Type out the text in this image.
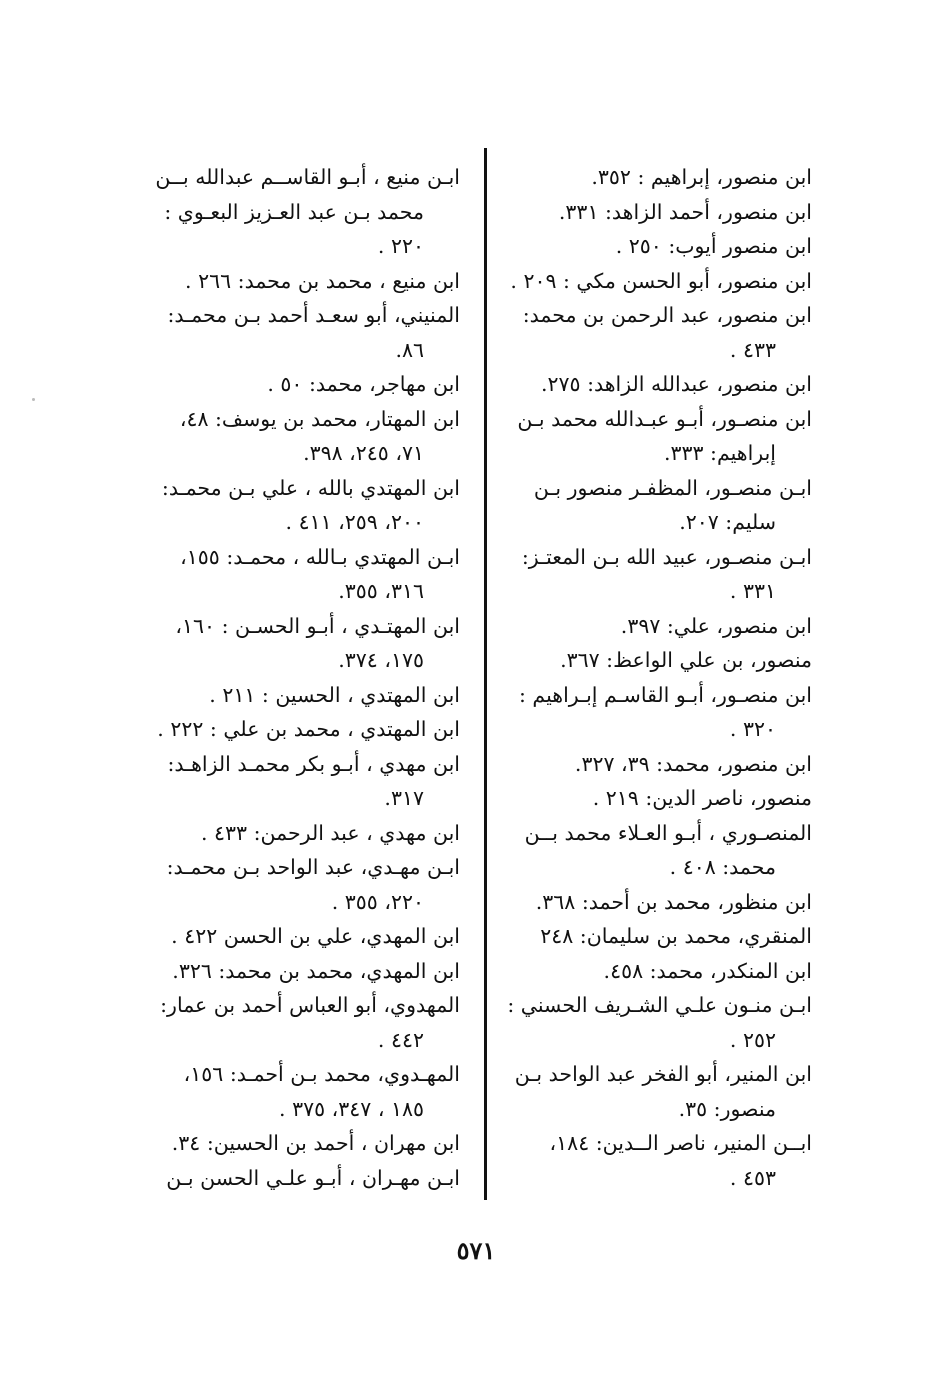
ابن منصور، إبراهيم : ٣٥٢.
ابن منصور، أحمد الزاهد: ٣٣١.
ابن منصور أيوب: ٢٥٠ .
ابن منصور، أبو الحسن مكي : ٢٠٩ .
ابن منصور، عبد الرحمن بن محمد:
٤٣٣ .
ابن منصور، عبدالله الزاهد: ٢٧٥.
ابن منصـور، أبـو عبـدالله محمد بـن
إبراهيم: ٣٣٣.
ابـن منصـور، المظفـر منصور بـن
سليم: ٢٠٧.
ابـن منصـور، عبيد الله بـن المعتـز:
٣٣١ .
ابن منصور، علي: ٣٩٧.
منصور، بن علي الواعظ: ٣٦٧.
ابن منصـور، أبـو القاسـم إبـراهيم :
٣٢٠ .
ابن منصور، محمد: ٣٩، ٣٢٧.
منصور، ناصر الدين: ٢١٩ .
المنصـوري ، أبـو العـلاء محمد بــن
محمد: ٤٠٨ .
ابن منظور، محمد بن أحمد: ٣٦٨.
المنقري، محمد بن سليمان: ٢٤٨
ابن المنكدر، محمد: ٤٥٨.
ابـن منـون علـي الشـريف الحسني :
٢٥٢ .
ابن المنير، أبو الفخر عبد الواحد بـن
منصور: ٣٥.
ابــن المنير، ناصر الــدين: ١٨٤،
٤٥٣ .
ابـن منيع ، أبـو القاســم عبدالله بــن
محمد بـن عبد العـزيز البعـوي :
٢٢٠ .
ابن منيع ، محمد بن محمد: ٢٦٦ .
المنيني، أبو سعـد أحمد بـن محمـد:
٨٦.
ابن مهاجر، محمد: ٥٠ .
ابن المهتار، محمد بن يوسف: ٤٨،
٧١، ٢٤٥، ٣٩٨.
ابن المهتدي بالله ، علي بـن محمـد:
٢٠٠، ٢٥٩، ٤١١ .
ابـن المهتدي بـالله ، محمـد: ١٥٥،
٣١٦، ٣٥٥.
ابن المهتـدي ، أبـو الحسـن : ١٦٠،
١٧٥، ٣٧٤.
ابن المهتدي ، الحسين : ٢١١ .
ابن المهتدي ، محمد بن علي : ٢٢٢ .
ابن مهدي ، أبـو بكر محمـد الزاهـد:
٣١٧.
ابن مهدي ، عبد الرحمن: ٤٣٣ .
ابـن مهـدي، عبد الواحد بـن محمـد:
٢٢٠، ٣٥٥ .
ابن المهدي، علي بن الحسن ٤٢٢ .
ابن المهدي، محمد بن محمد: ٣٢٦.
المهدوي، أبو العباس أحمد بن عمار:
٤٤٢ .
المهـدوي، محمد بـن أحمـد: ١٥٦،
١٨٥ ، ٣٤٧، ٣٧٥ .
ابن مهران ، أحمد بن الحسين: ٣٤.
ابـن مهـران ، أبـو علـي الحسن بـن
٥٧١
